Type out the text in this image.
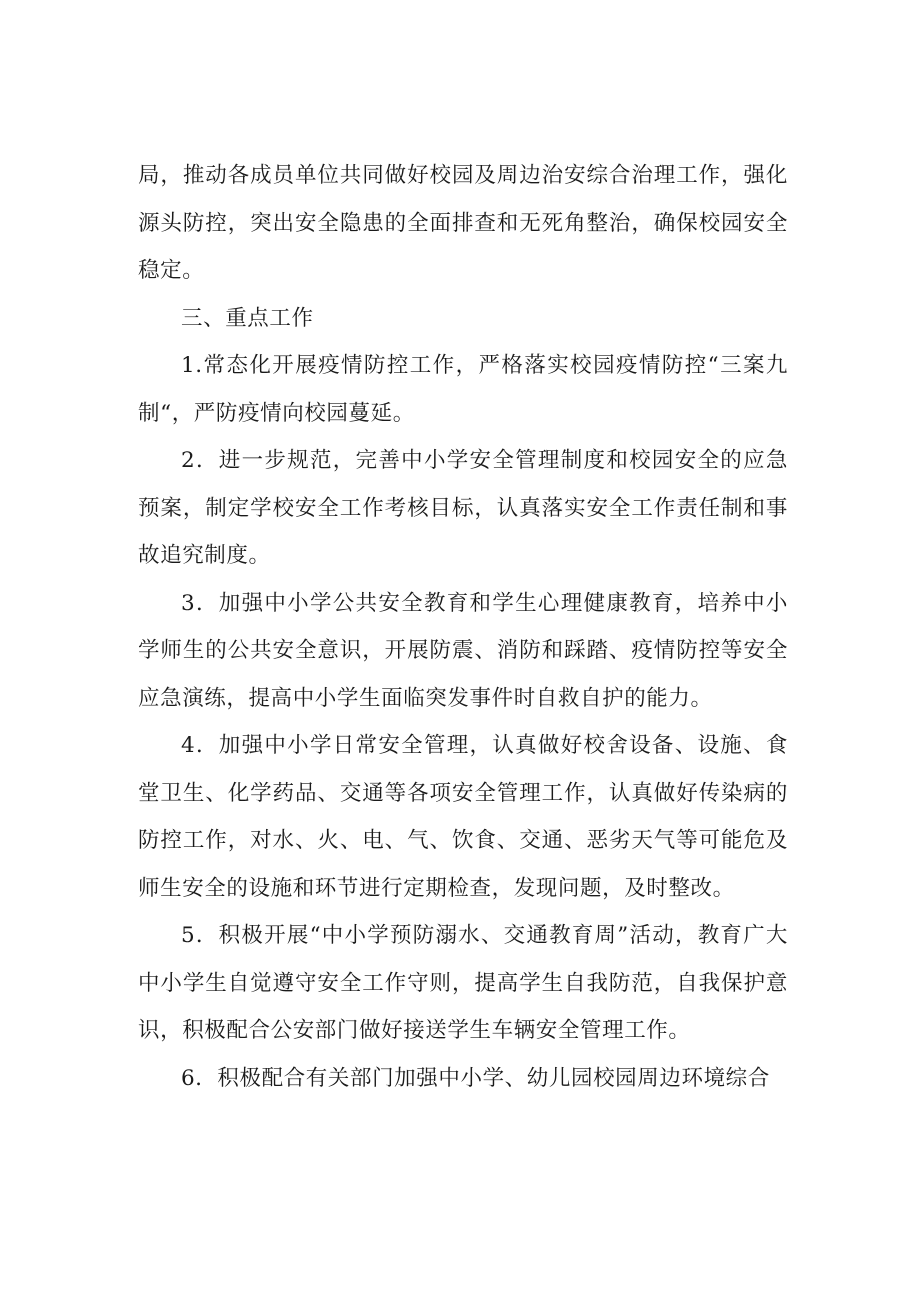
局，推动各成员单位共同做好校园及周边治安综合治理工作，强化源头防控，突出安全隐患的全面排查和无死角整治，确保校园安全稳定。

三、重点工作

1.常态化开展疫情防控工作，严格落实校园疫情防控“三案九制“，严防疫情向校园蔓延。

2．进一步规范，完善中小学安全管理制度和校园安全的应急预案，制定学校安全工作考核目标，认真落实安全工作责任制和事故追究制度。

3．加强中小学公共安全教育和学生心理健康教育，培养中小学师生的公共安全意识，开展防震、消防和踩踏、疫情防控等安全应急演练，提高中小学生面临突发事件时自救自护的能力。

4．加强中小学日常安全管理，认真做好校舍设备、设施、食堂卫生、化学药品、交通等各项安全管理工作，认真做好传染病的防控工作，对水、火、电、气、饮食、交通、恶劣天气等可能危及师生安全的设施和环节进行定期检查，发现问题，及时整改。

5．积极开展“中小学预防溺水、交通教育周”活动，教育广大中小学生自觉遵守安全工作守则，提高学生自我防范，自我保护意识，积极配合公安部门做好接送学生车辆安全管理工作。

6．积极配合有关部门加强中小学、幼儿园校园周边环境综合
